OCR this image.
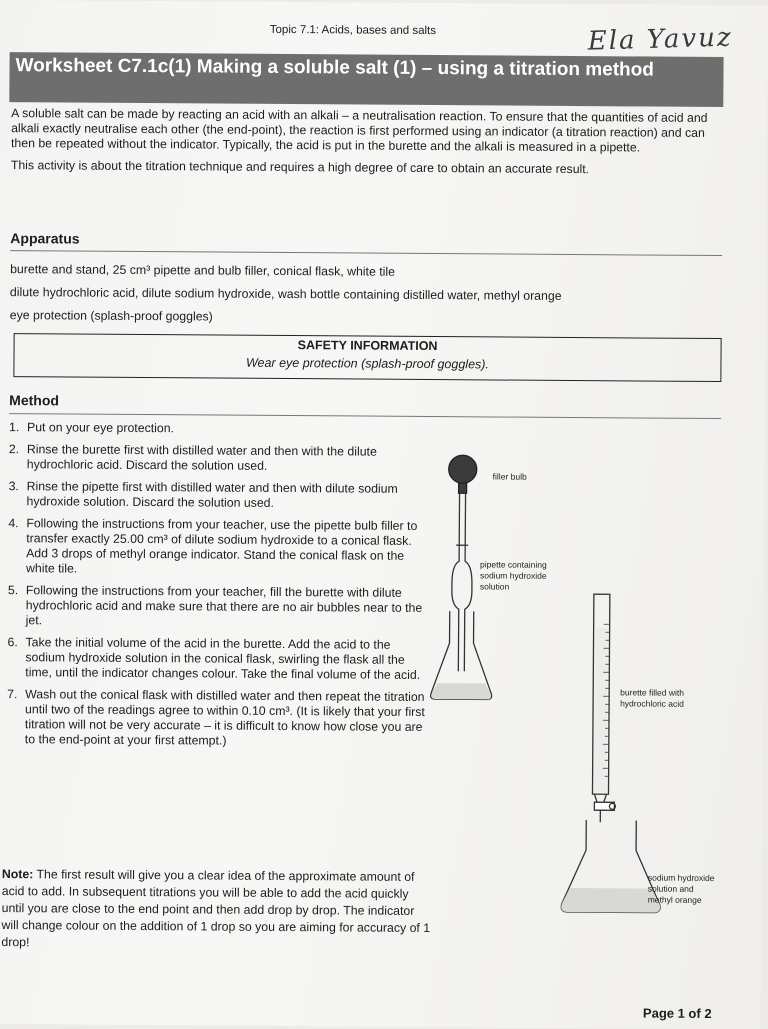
Topic 7.1: Acids, bases and salts	Ela Yavuz
Worksheet C7.1c(1) Making a soluble salt (1) – using a titration method

A soluble salt can be made by reacting an acid with an alkali – a neutralisation reaction. To ensure that the quantities of acid and alkali exactly neutralise each other (the end-point), the reaction is first performed using an indicator (a titration reaction) and can then be repeated without the indicator. Typically, the acid is put in the burette and the alkali is measured in a pipette.

This activity is about the titration technique and requires a high degree of care to obtain an accurate result.

Apparatus
burette and stand, 25 cm³ pipette and bulb filler, conical flask, white tile
dilute hydrochloric acid, dilute sodium hydroxide, wash bottle containing distilled water, methyl orange
eye protection (splash-proof goggles)
SAFETY INFORMATION
Wear eye protection (splash-proof goggles).
Method
1. Put on your eye protection.
2. Rinse the burette first with distilled water and then with the dilute hydrochloric acid. Discard the solution used.
3. Rinse the pipette first with distilled water and then with dilute sodium hydroxide solution. Discard the solution used.
4. Following the instructions from your teacher, use the pipette bulb filler to transfer exactly 25.00 cm³ of dilute sodium hydroxide to a conical flask. Add 3 drops of methyl orange indicator. Stand the conical flask on the white tile.
5. Following the instructions from your teacher, fill the burette with dilute hydrochloric acid and make sure that there are no air bubbles near to the jet.
6. Take the initial volume of the acid in the burette. Add the acid to the sodium hydroxide solution in the conical flask, swirling the flask all the time, until the indicator changes colour. Take the final volume of the acid.
7. Wash out the conical flask with distilled water and then repeat the titration until two of the readings agree to within 0.10 cm³. (It is likely that your first titration will not be very accurate – it is difficult to know how close you are to the end-point at your first attempt.)
Note: The first result will give you a clear idea of the approximate amount of acid to add. In subsequent titrations you will be able to add the acid quickly until you are close to the end point and then add drop by drop. The indicator will change colour on the addition of 1 drop so you are aiming for accuracy of 1 drop!
filler bulb
pipette containing
sodium hydroxide
solution
burette filled with
hydrochloric acid
sodium hydroxide
solution and
methyl orange
Page 1 of 2
